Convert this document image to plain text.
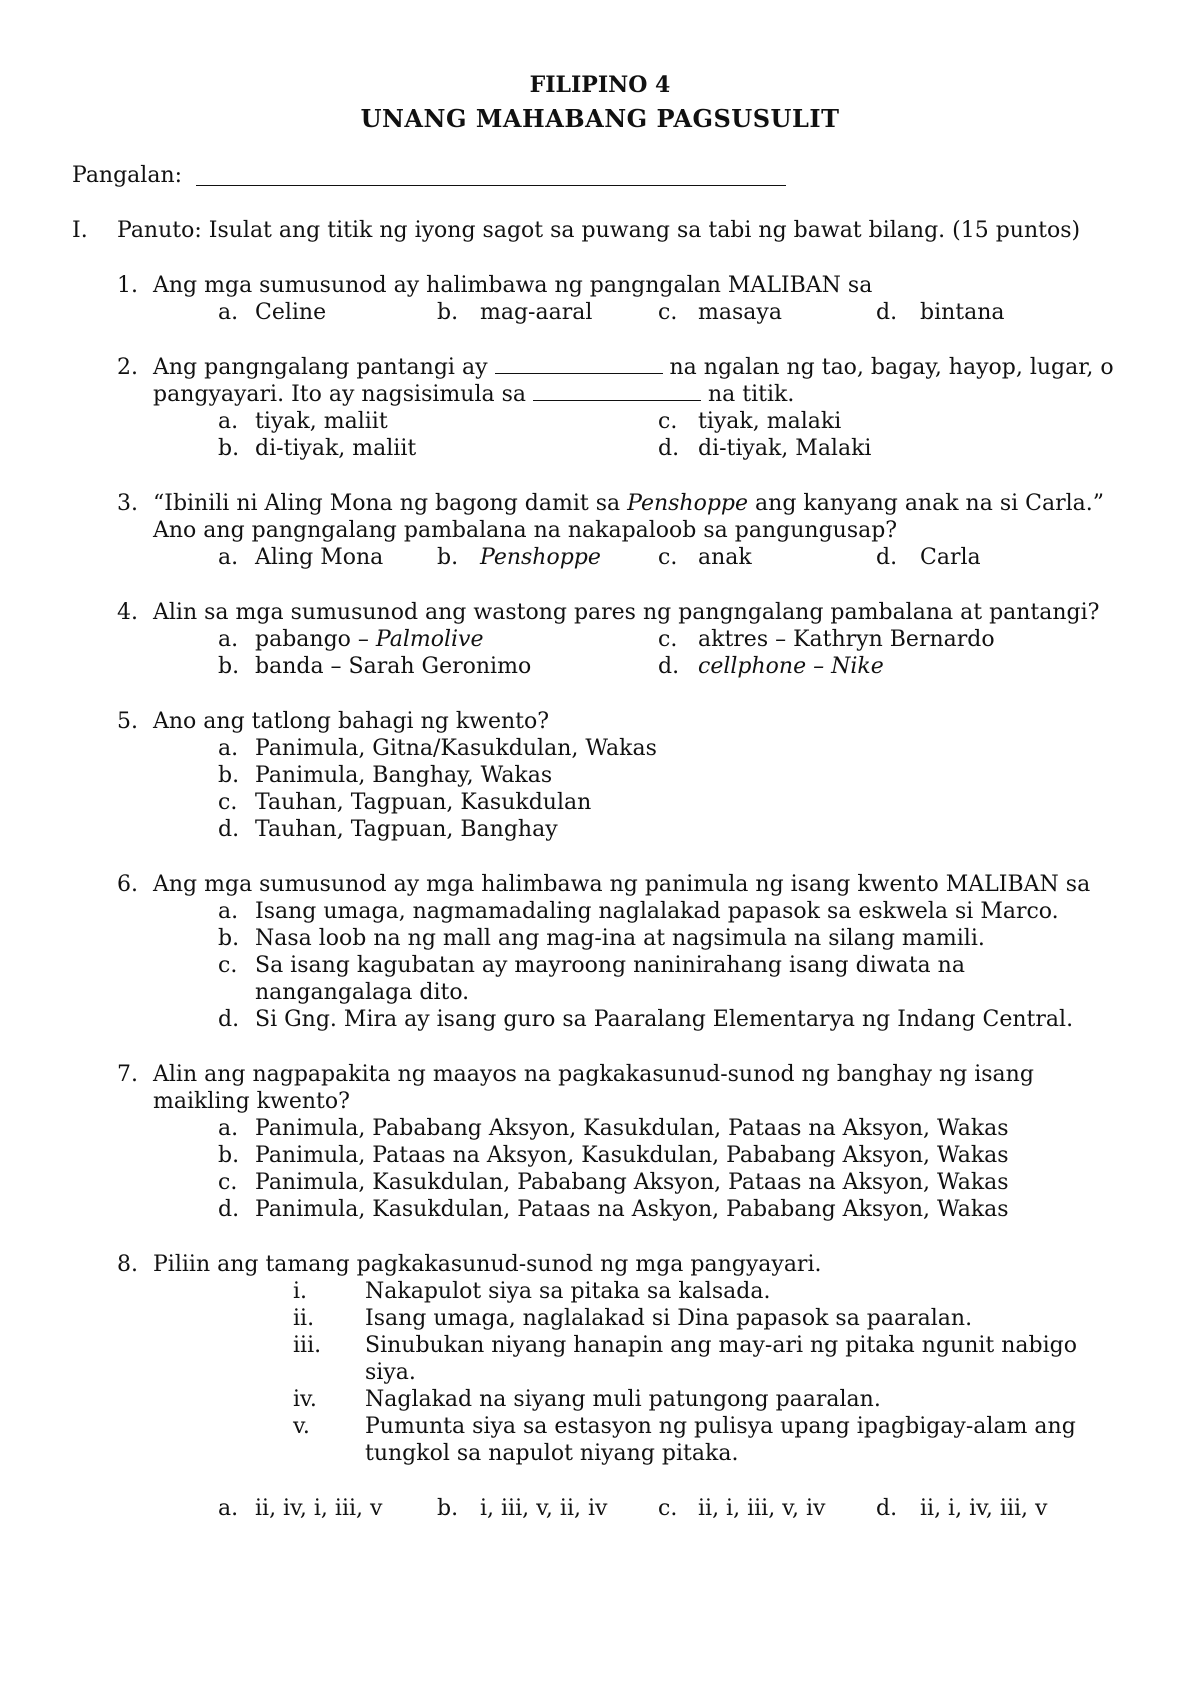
FILIPINO 4
UNANG MAHABANG PAGSUSULIT
Pangalan:
I. Panuto: Isulat ang titik ng iyong sagot sa puwang sa tabi ng bawat bilang. (15 puntos)
1. Ang mga sumusunod ay halimbawa ng pangngalan MALIBAN sa
a. Celine	b. mag-aaral	c. masaya	d. bintana
2. Ang pangngalang pantangi ay	na ngalan ng tao, bagay, hayop, lugar, o
pangyayari. Ito ay nagsisimula sa	na titik.
a. tiyak, maliit	c. tiyak, malaki
b. di-tiyak, maliit	d. di-tiyak, Malaki
3. “Ibinili ni Aling Mona ng bagong damit sa Penshoppe ang kanyang anak na si Carla.”
Ano ang pangngalang pambalana na nakapaloob sa pangungusap?
a. Aling Mona b. Penshoppe	c. anak	d. Carla
4. Alin sa mga sumusunod ang wastong pares ng pangngalang pambalana at pantangi?
a. pabango – Palmolive	c. aktres – Kathryn Bernardo
b. banda – Sarah Geronimo	d. cellphone – Nike
5. Ano ang tatlong bahagi ng kwento?
a. Panimula, Gitna/Kasukdulan, Wakas
b. Panimula, Banghay, Wakas
c. Tauhan, Tagpuan, Kasukdulan
d. Tauhan, Tagpuan, Banghay
6. Ang mga sumusunod ay mga halimbawa ng panimula ng isang kwento MALIBAN sa
a. Isang umaga, nagmamadaling naglalakad papasok sa eskwela si Marco.
b. Nasa loob na ng mall ang mag-ina at nagsimula na silang mamili.
c. Sa isang kagubatan ay mayroong naninirahang isang diwata na
nangangalaga dito.
d. Si Gng. Mira ay isang guro sa Paaralang Elementarya ng Indang Central.
7. Alin ang nagpapakita ng maayos na pagkakasunud-sunod ng banghay ng isang
maikling kwento?
a. Panimula, Pababang Aksyon, Kasukdulan, Pataas na Aksyon, Wakas
b. Panimula, Pataas na Aksyon, Kasukdulan, Pababang Aksyon, Wakas
c. Panimula, Kasukdulan, Pababang Aksyon, Pataas na Aksyon, Wakas
d. Panimula, Kasukdulan, Pataas na Askyon, Pababang Aksyon, Wakas
8. Piliin ang tamang pagkakasunud-sunod ng mga pangyayari.
i.	Nakapulot siya sa pitaka sa kalsada.
ii. Isang umaga, naglalakad si Dina papasok sa paaralan.
iii. Sinubukan niyang hanapin ang may-ari ng pitaka ngunit nabigo
siya.
iv. Naglakad na siyang muli patungong paaralan.
v.	Pumunta siya sa estasyon ng pulisya upang ipagbigay-alam ang
tungkol sa napulot niyang pitaka.
a. ii, iv, i, iii, v b. i, iii, v, ii, iv c. ii, i, iii, v, iv d. ii, i, iv, iii, v
